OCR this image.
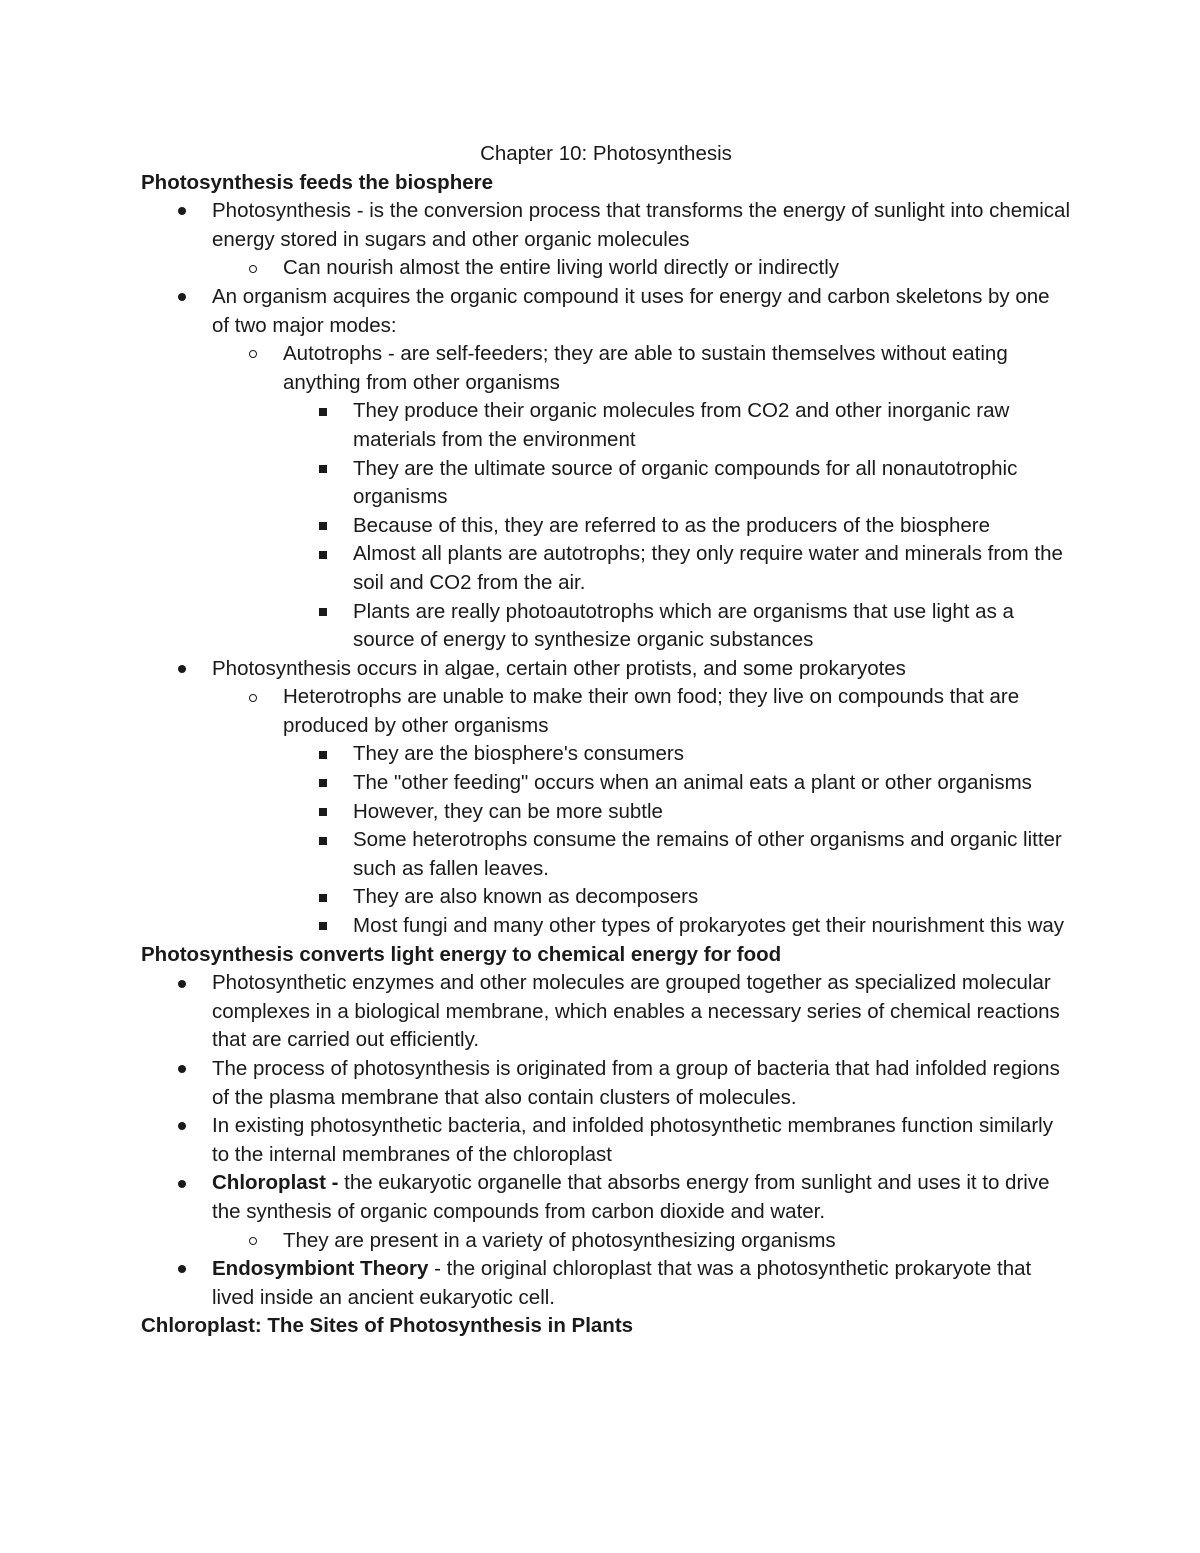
Chapter 10: Photosynthesis
Photosynthesis feeds the biosphere
Photosynthesis - is the conversion process that transforms the energy of sunlight into chemical energy stored in sugars and other organic molecules
Can nourish almost the entire living world directly or indirectly
An organism acquires the organic compound it uses for energy and carbon skeletons by one of two major modes:
Autotrophs - are self-feeders; they are able to sustain themselves without eating anything from other organisms
They produce their organic molecules from CO2 and other inorganic raw materials from the environment
They are the ultimate source of organic compounds for all nonautotrophic organisms
Because of this, they are referred to as the producers of the biosphere
Almost all plants are autotrophs; they only require water and minerals from the soil and CO2 from the air.
Plants are really photoautotrophs which are organisms that use light as a source of energy to synthesize organic substances
Photosynthesis occurs in algae, certain other protists, and some prokaryotes
Heterotrophs are unable to make their own food; they live on compounds that are produced by other organisms
They are the biosphere's consumers
The "other feeding" occurs when an animal eats a plant or other organisms
However, they can be more subtle
Some heterotrophs consume the remains of other organisms and organic litter such as fallen leaves.
They are also known as decomposers
Most fungi and many other types of prokaryotes get their nourishment this way
Photosynthesis converts light energy to chemical energy for food
Photosynthetic enzymes and other molecules are grouped together as specialized molecular complexes in a biological membrane, which enables a necessary series of chemical reactions that are carried out efficiently.
The process of photosynthesis is originated from a group of bacteria that had infolded regions of the plasma membrane that also contain clusters of molecules.
In existing photosynthetic bacteria, and infolded photosynthetic membranes function similarly to the internal membranes of the chloroplast
Chloroplast - the eukaryotic organelle that absorbs energy from sunlight and uses it to drive the synthesis of organic compounds from carbon dioxide and water.
They are present in a variety of photosynthesizing organisms
Endosymbiont Theory - the original chloroplast that was a photosynthetic prokaryote that lived inside an ancient eukaryotic cell.
Chloroplast: The Sites of Photosynthesis in Plants
